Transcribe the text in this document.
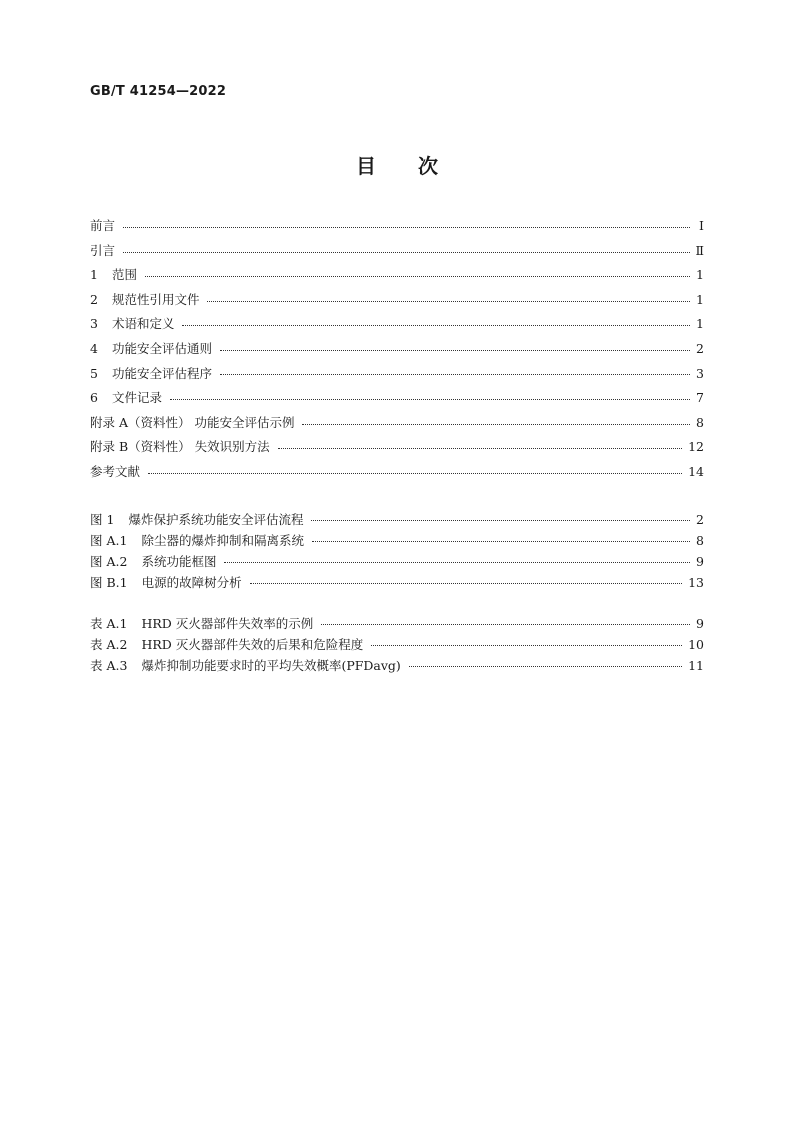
GB/T 41254—2022
目次
前言	Ⅰ
引言	Ⅱ
1 范围	1
2 规范性引用文件	1
3 术语和定义	1
4 功能安全评估通则	2
5 功能安全评估程序	3
6 文件记录	7
附录 A（资料性） 功能安全评估示例	8
附录 B（资料性） 失效识别方法	12
参考文献	14
图 1 爆炸保护系统功能安全评估流程	2
图 A.1 除尘器的爆炸抑制和隔离系统	8
图 A.2 系统功能框图	9
图 B.1 电源的故障树分析	13
表 A.1 HRD 灭火器部件失效率的示例	9
表 A.2 HRD 灭火器部件失效的后果和危险程度	10
表 A.3 爆炸抑制功能要求时的平均失效概率(PFDavg)	11
